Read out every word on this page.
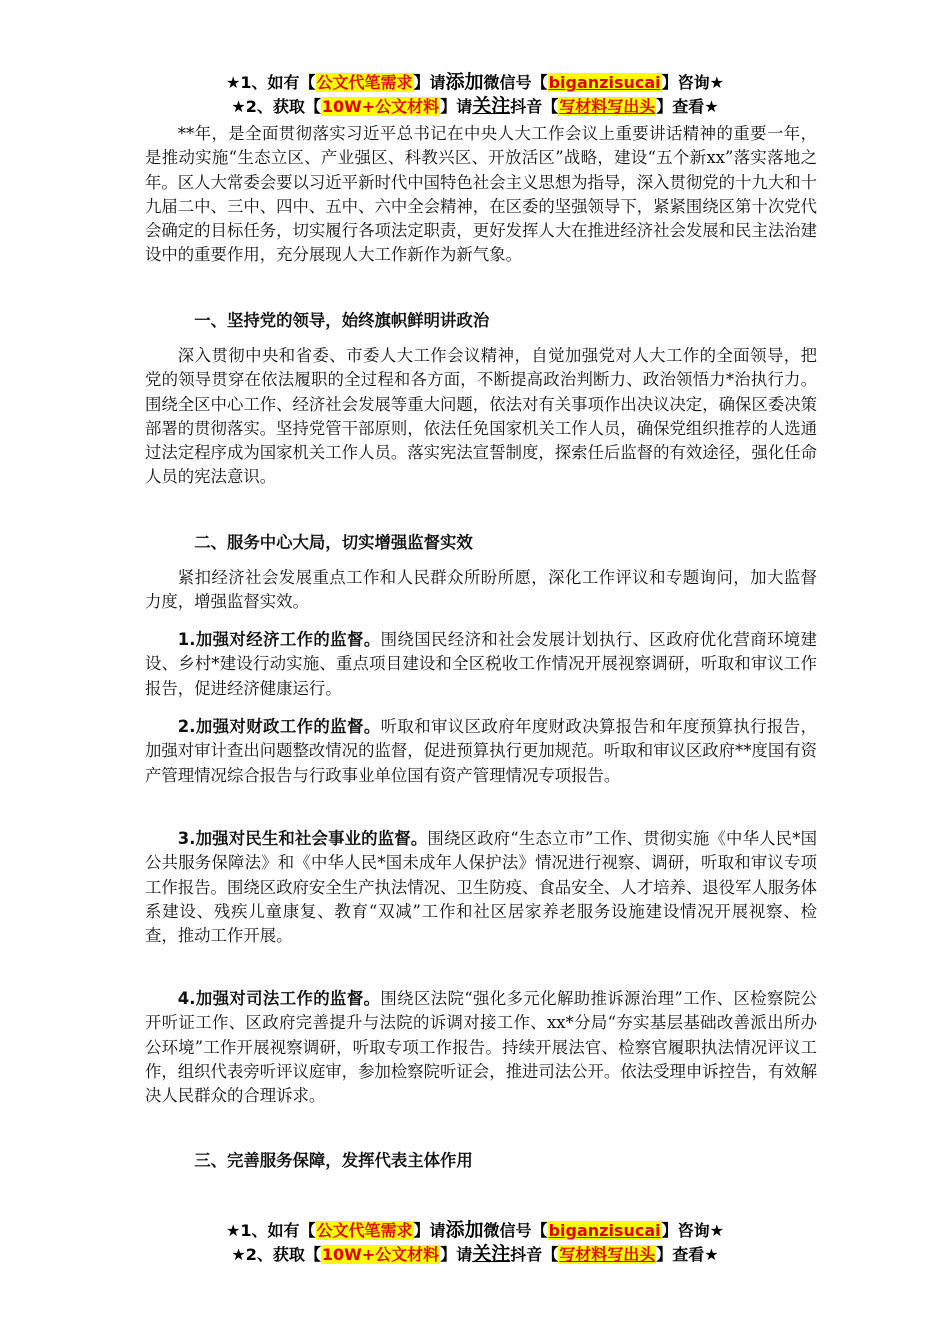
★1、如有【公文代笔需求】请添加微信号【biganzisucai】咨询★
★2、获取【10W+公文材料】请关注抖音【写材料写出头】查看★

**年，是全面贯彻落实习近平总书记在中央人大工作会议上重要讲话精神的重要一年，是推动实施“生态立区、产业强区、科教兴区、开放活区”战略，建设“五个新xx”落实落地之年。区人大常委会要以习近平新时代中国特色社会主义思想为指导，深入贯彻党的十九大和十九届二中、三中、四中、五中、六中全会精神，在区委的坚强领导下，紧紧围绕区第十次党代会确定的目标任务，切实履行各项法定职责，更好发挥人大在推进经济社会发展和民主法治建设中的重要作用，充分展现人大工作新作为新气象。

一、坚持党的领导，始终旗帜鲜明讲政治

深入贯彻中央和省委、市委人大工作会议精神，自觉加强党对人大工作的全面领导，把党的领导贯穿在依法履职的全过程和各方面，不断提高政治判断力、政治领悟力*治执行力。围绕全区中心工作、经济社会发展等重大问题，依法对有关事项作出决议决定，确保区委决策部署的贯彻落实。坚持党管干部原则，依法任免国家机关工作人员，确保党组织推荐的人选通过法定程序成为国家机关工作人员。落实宪法宣誓制度，探索任后监督的有效途径，强化任命人员的宪法意识。

二、服务中心大局，切实增强监督实效

紧扣经济社会发展重点工作和人民群众所盼所愿，深化工作评议和专题询问，加大监督力度，增强监督实效。

1.加强对经济工作的监督。围绕国民经济和社会发展计划执行、区政府优化营商环境建设、乡村*建设行动实施、重点项目建设和全区税收工作情况开展视察调研，听取和审议工作报告，促进经济健康运行。

2.加强对财政工作的监督。听取和审议区政府年度财政决算报告和年度预算执行报告，加强对审计查出问题整改情况的监督，促进预算执行更加规范。听取和审议区政府**度国有资产管理情况综合报告与行政事业单位国有资产管理情况专项报告。

3.加强对民生和社会事业的监督。围绕区政府“生态立市”工作、贯彻实施《中华人民*国公共服务保障法》和《中华人民*国未成年人保护法》情况进行视察、调研，听取和审议专项工作报告。围绕区政府安全生产执法情况、卫生防疫、食品安全、人才培养、退役军人服务体系建设、残疾儿童康复、教育“双减”工作和社区居家养老服务设施建设情况开展视察、检查，推动工作开展。

4.加强对司法工作的监督。围绕区法院“强化多元化解助推诉源治理”工作、区检察院公开听证工作、区政府完善提升与法院的诉调对接工作、xx*分局“夯实基层基础改善派出所办公环境”工作开展视察调研，听取专项工作报告。持续开展法官、检察官履职执法情况评议工作，组织代表旁听评议庭审，参加检察院听证会，推进司法公开。依法受理申诉控告，有效解决人民群众的合理诉求。

三、完善服务保障，发挥代表主体作用

★1、如有【公文代笔需求】请添加微信号【biganzisucai】咨询★
★2、获取【10W+公文材料】请关注抖音【写材料写出头】查看★
